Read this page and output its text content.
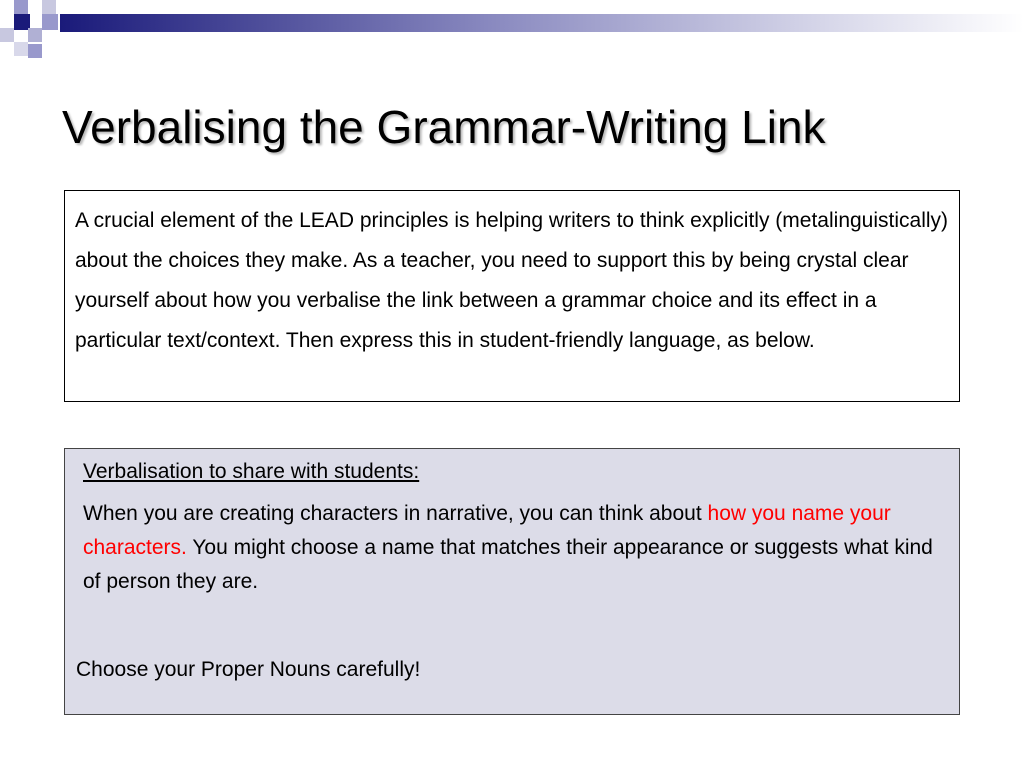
Verbalising the Grammar-Writing Link

A crucial element of the LEAD principles is helping writers to think explicitly (metalinguistically) about the choices they make. As a teacher, you need to support this by being crystal clear yourself about how you verbalise the link between a grammar choice and its effect in a particular text/context. Then express this in student-friendly language, as below.

Verbalisation to share with students:

When you are creating characters in narrative, you can think about how you name your characters. You might choose a name that matches their appearance or suggests what kind of person they are.

Choose your Proper Nouns carefully!
